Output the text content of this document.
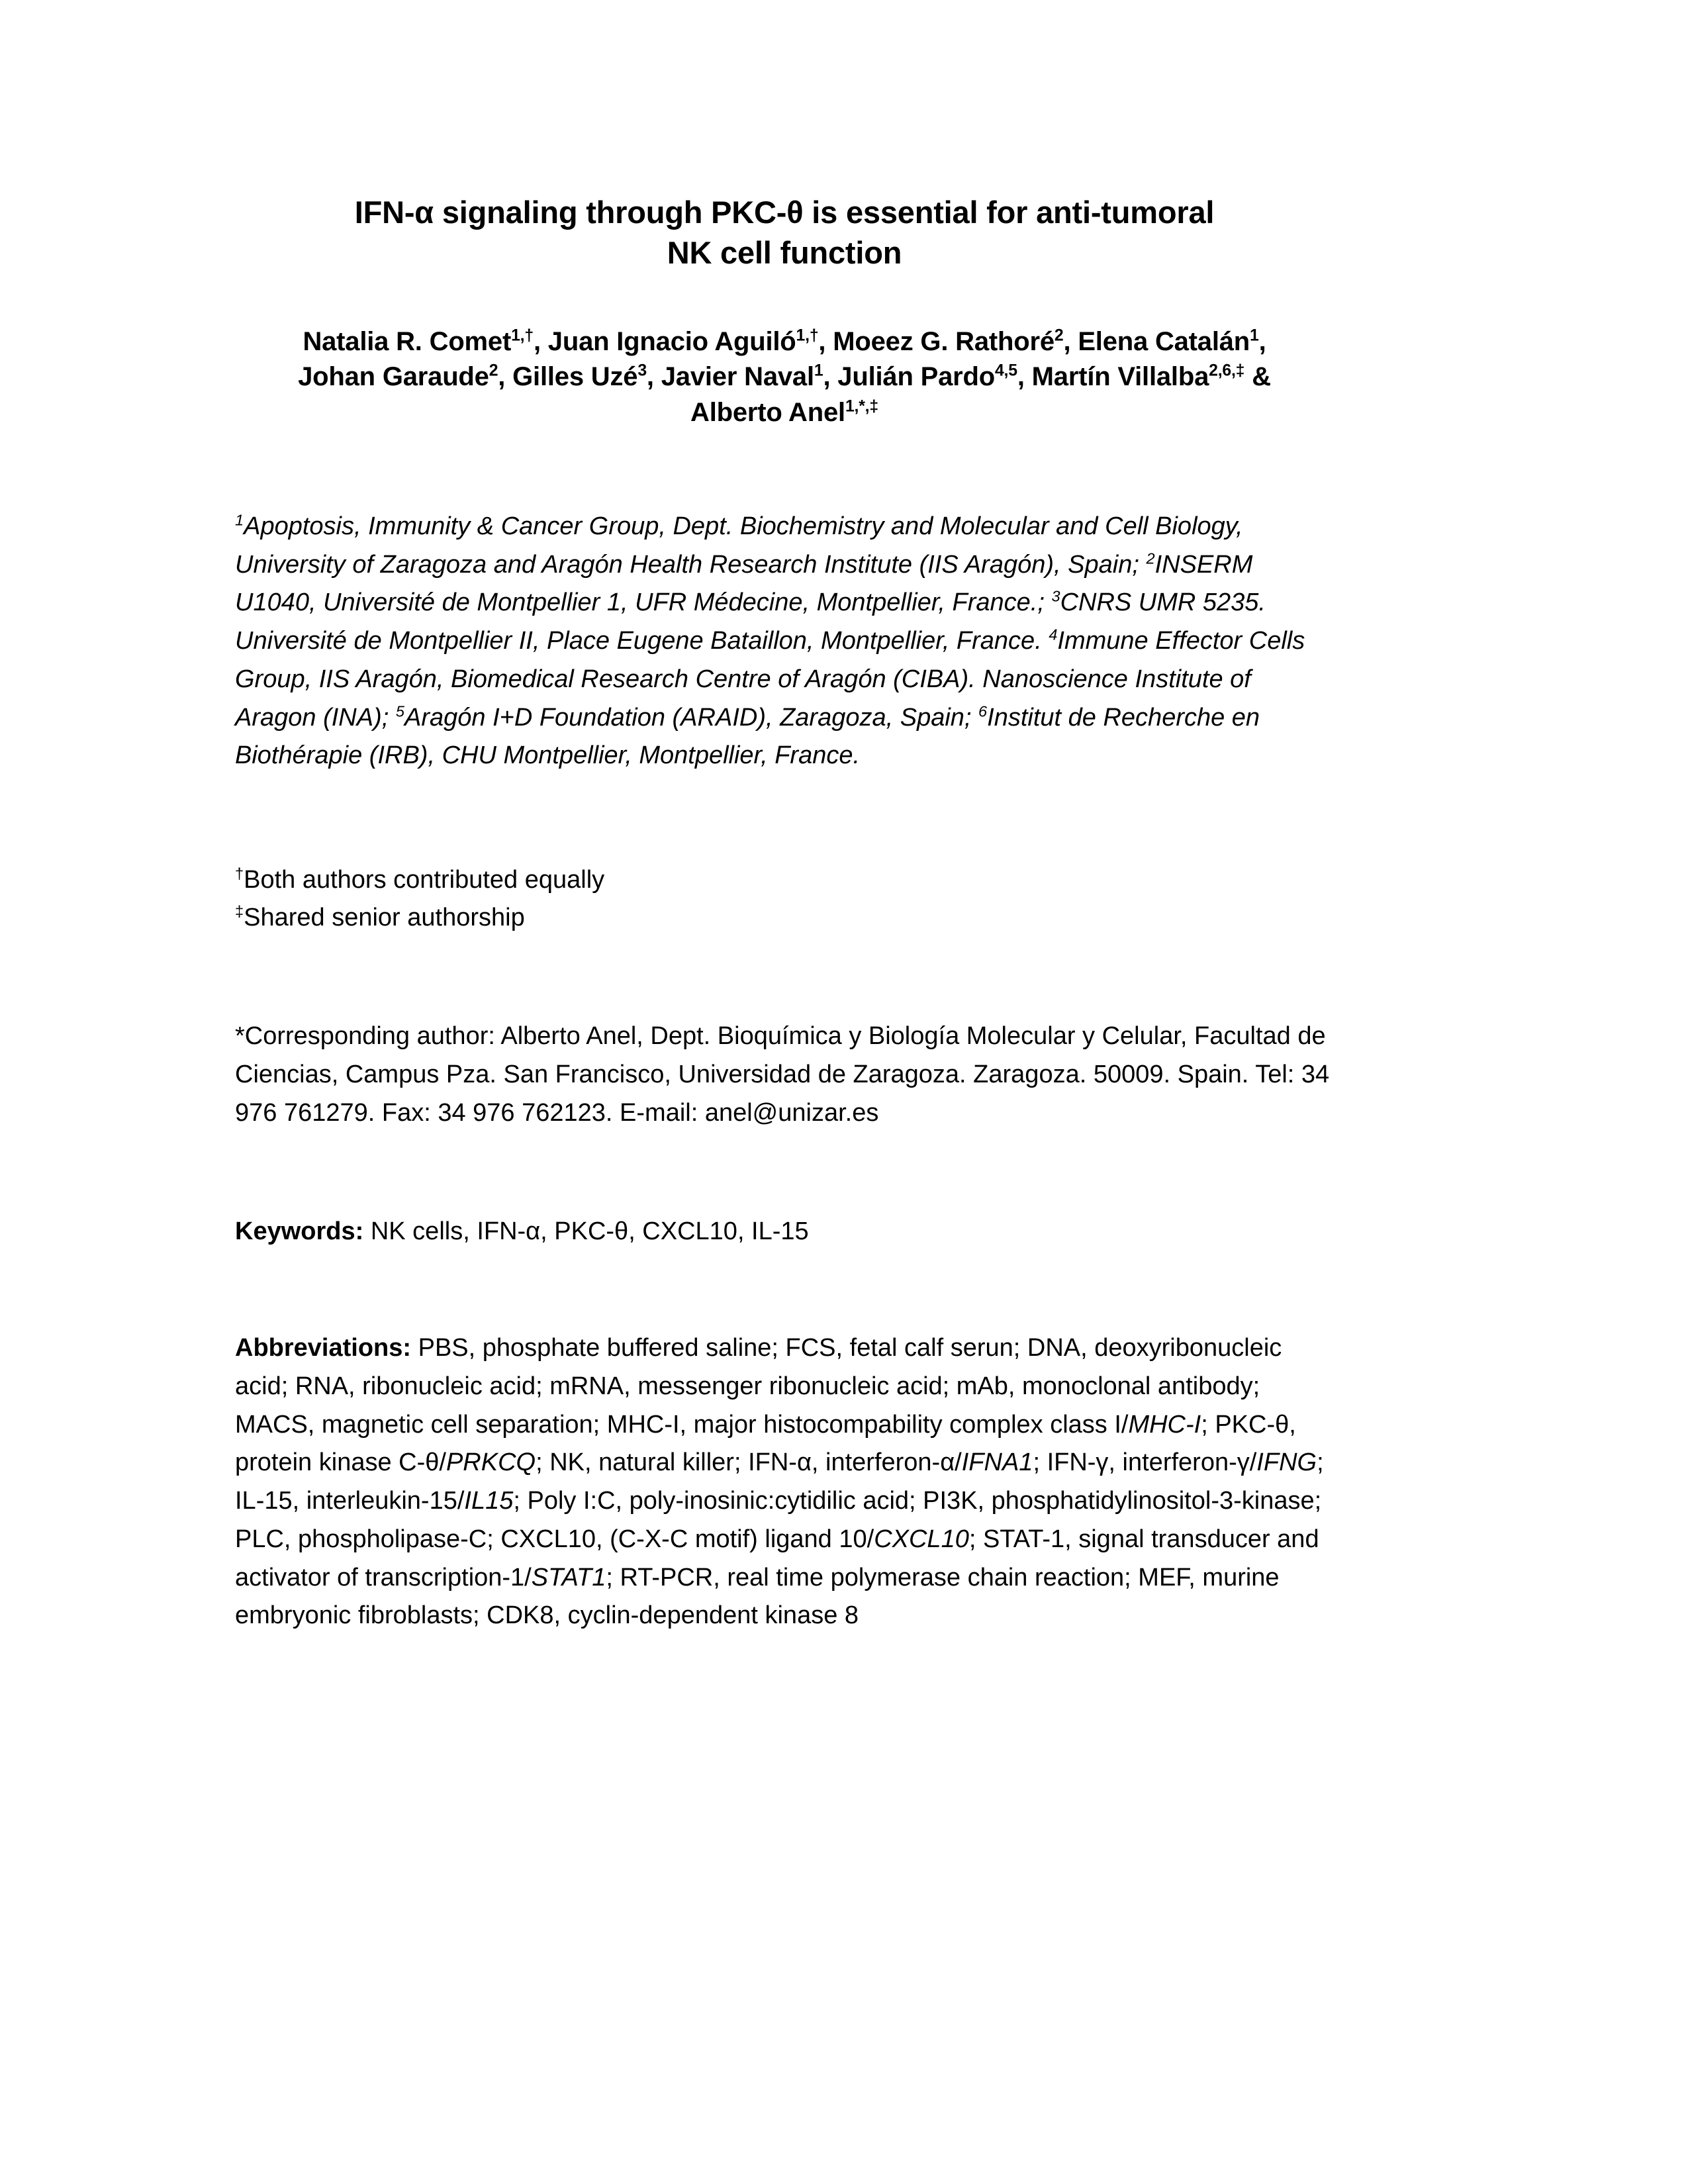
IFN-α signaling through PKC-θ is essential for anti-tumoral
NK cell function

Natalia R. Comet$^{1,\dagger}$, Juan Ignacio Aguiló$^{1,\dagger}$, Moeez G. Rathoré$^2$, Elena Catalán$^1$, Johan Garaude$^2$, Gilles Uzé$^3$, Javier Naval$^1$, Julián Pardo$^{4,5}$, Martín Villalba$^{2,6,\ddagger}$ & Alberto Anel$^{1,*,\ddagger}$

$^1$Apoptosis, Immunity & Cancer Group, Dept. Biochemistry and Molecular and Cell Biology, University of Zaragoza and Aragón Health Research Institute (IIS Aragón), Spain; $^2$INSERM U1040, Université de Montpellier 1, UFR Médecine, Montpellier, France.; $^3$CNRS UMR 5235. Université de Montpellier II, Place Eugene Bataillon, Montpellier, France. $^4$Immune Effector Cells Group, IIS Aragón, Biomedical Research Centre of Aragón (CIBA). Nanoscience Institute of Aragon (INA); $^5$Aragón I+D Foundation (ARAID), Zaragoza, Spain; $^6$Institut de Recherche en Biothérapie (IRB), CHU Montpellier, Montpellier, France.

†Both authors contributed equally
‡Shared senior authorship

*Corresponding author: Alberto Anel, Dept. Bioquímica y Biología Molecular y Celular, Facultad de Ciencias, Campus Pza. San Francisco, Universidad de Zaragoza. Zaragoza. 50009. Spain. Tel: 34 976 761279. Fax: 34 976 762123. E-mail: anel@unizar.es

Keywords: NK cells, IFN-α, PKC-θ, CXCL10, IL-15

Abbreviations: PBS, phosphate buffered saline; FCS, fetal calf serun; DNA, deoxyribonucleic acid; RNA, ribonucleic acid; mRNA, messenger ribonucleic acid; mAb, monoclonal antibody; MACS, magnetic cell separation; MHC-I, major histocompability complex class I/MHC-I; PKC-θ, protein kinase C-θ/PRKCQ; NK, natural killer; IFN-α, interferon-α/IFNA1; IFN-γ, interferon-γ/IFNG; IL-15, interleukin-15/IL15; Poly I:C, poly-inosinic:cytidilic acid; PI3K, phosphatidylinositol-3-kinase; PLC, phospholipase-C; CXCL10, (C-X-C motif) ligand 10/CXCL10; STAT-1, signal transducer and activator of transcription-1/STAT1; RT-PCR, real time polymerase chain reaction; MEF, murine embryonic fibroblasts; CDK8, cyclin-dependent kinase 8
